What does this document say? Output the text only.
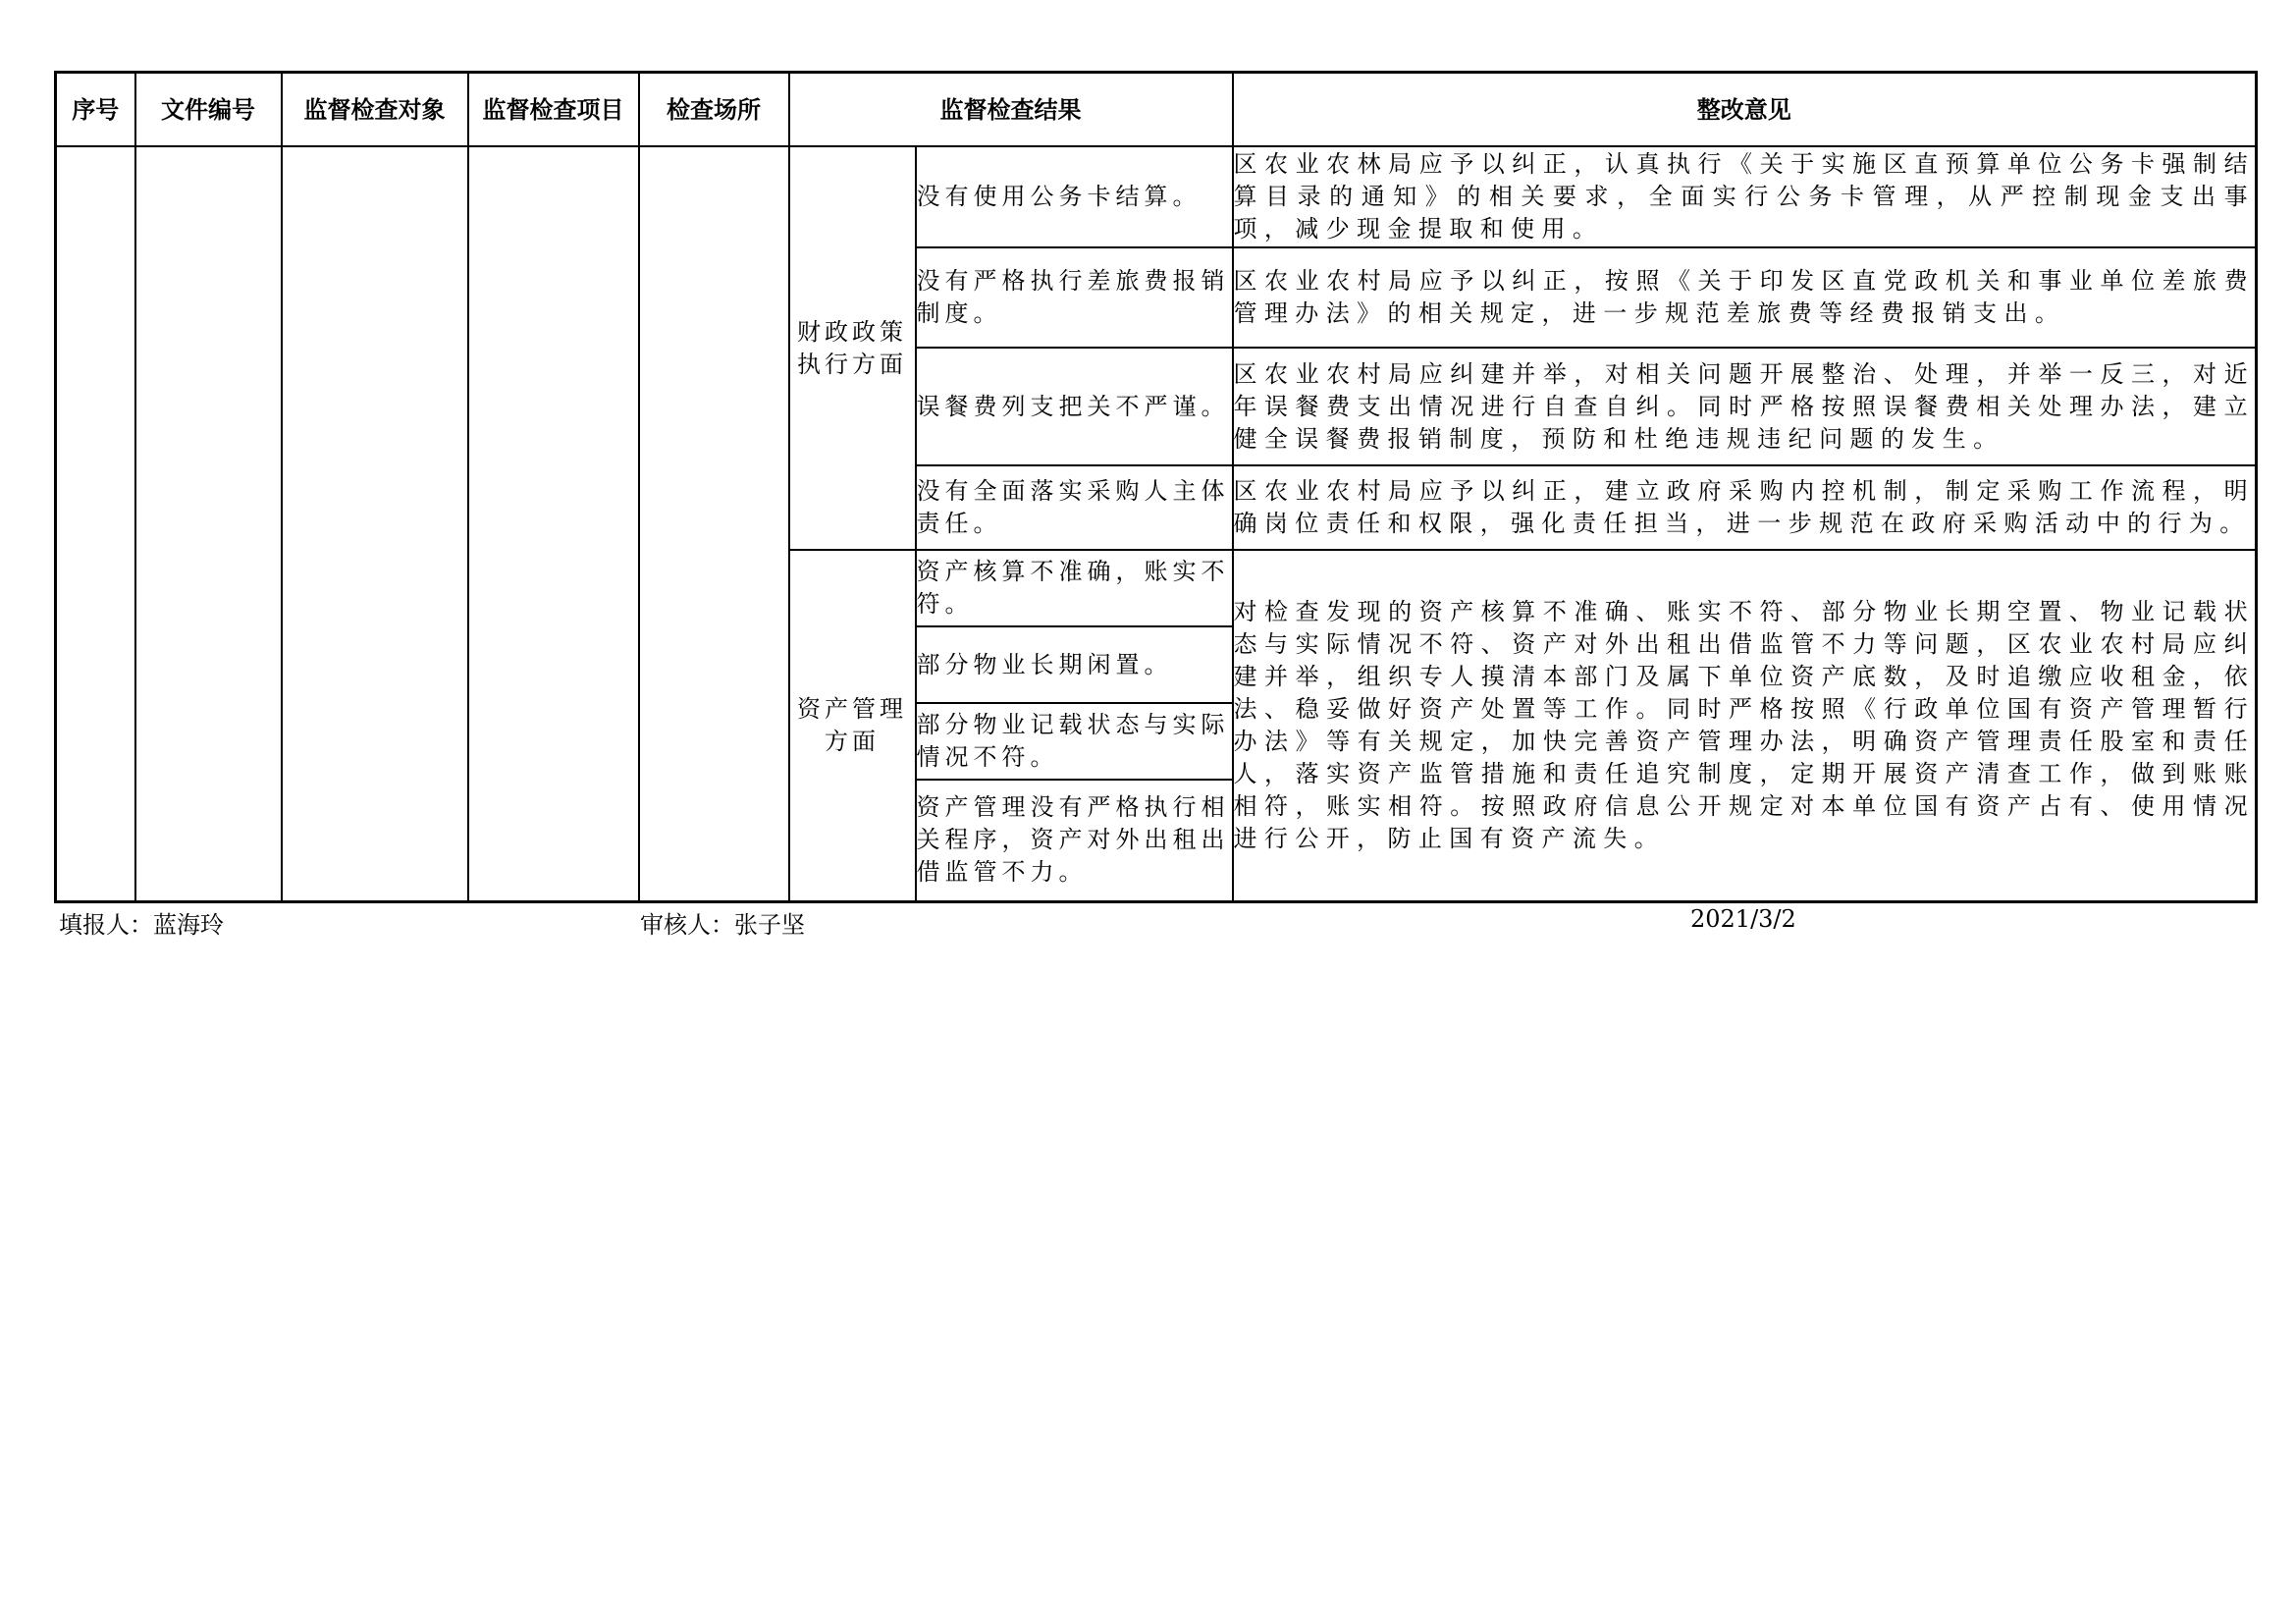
序号	文件编号	监督检查对象	监督检查项目	检查场所	监督检查结果		整改意见
					财政政策执行方面	没有使用公务卡结算。	区农业农林局应予以纠正，认真执行《关于实施区直预算单位公务卡强制结算目录的通知》的相关要求，全面实行公务卡管理，从严控制现金支出事项，减少现金提取和使用。
						没有严格执行差旅费报销制度。	区农业农村局应予以纠正，按照《关于印发区直党政机关和事业单位差旅费管理办法》的相关规定，进一步规范差旅费等经费报销支出。
						误餐费列支把关不严谨。	区农业农村局应纠建并举，对相关问题开展整治、处理，并举一反三，对近年误餐费支出情况进行自查自纠。同时严格按照误餐费相关处理办法，建立健全误餐费报销制度，预防和杜绝违规违纪问题的发生。
						没有全面落实采购人主体责任。	区农业农村局应予以纠正，建立政府采购内控机制，制定采购工作流程，明确岗位责任和权限，强化责任担当，进一步规范在政府采购活动中的行为。
					资产管理方面	资产核算不准确，账实不符。	对检查发现的资产核算不准确、账实不符、部分物业长期空置、物业记载状态与实际情况不符、资产对外出租出借监管不力等问题，区农业农村局应纠建并举，组织专人摸清本部门及属下单位资产底数，及时追缴应收租金，依法、稳妥做好资产处置等工作。同时严格按照《行政单位国有资产管理暂行办法》等有关规定，加快完善资产管理办法，明确资产管理责任股室和责任人，落实资产监管措施和责任追究制度，定期开展资产清查工作，做到账账相符，账实相符。按照政府信息公开规定对本单位国有资产占有、使用情况进行公开，防止国有资产流失。
						部分物业长期闲置。	
						部分物业记载状态与实际情况不符。	
						资产管理没有严格执行相关程序，资产对外出租出借监管不力。	
填报人：蓝海玲	审核人：张子坚	2021/3/2
